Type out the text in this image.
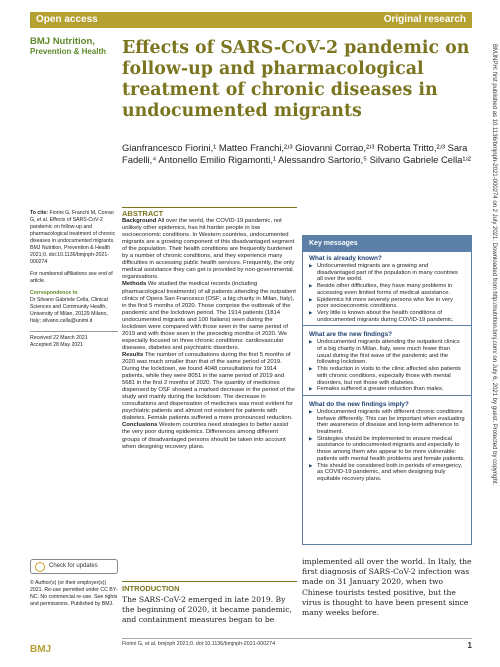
Open access	Original research
BMJ Nutrition,
Prevention & Health Effects of SARS-CoV-2 pandemic on follow-up and pharmacological treatment of chronic diseases in undocumented migrants
Gianfrancesco Fiorini,¹ Matteo Franchi,²ʴ³ Giovanni Corrao,²ʴ³ Roberta Tritto,²ʴ³ Sara Fadelli,⁴ Antonello Emilio Rigamonti,¹ Alessandro Sartorio,⁵ Silvano Gabriele Cella¹ʴ²

To cite: Fiorini G, Franchi M, Corrao G, et al. Effects of SARS-CoV-2 pandemic on follow-up and pharmacological treatment of chronic diseases in undocumented migrants. BMJ Nutrition, Prevention & Health 2021;0. doi:10.1136/bmjnph-2021-000274

For numbered affiliations see end of article.

Correspondence to
Dr Silvano Gabriele Cella, Clinical Sciences and Community Health, University of Milan, 20129 Milano, Italy; silvano.cella@unimi.it

Received 22 March 2021
Accepted 28 May 2021
Check for updates
© Author(s) (or their employer(s)) 2021. Re-use permitted under CC BY-NC. No commercial re-use. See rights and permissions. Published by BMJ.
BMJ
ABSTRACT

Background All over the world, the COVID-19 pandemic, not unlikely other epidemics, has hit harder people in low socioeconomic conditions. In Western countries, undocumented migrants are a growing component of this disadvantaged segment of the population. Their health conditions are frequently burdened by a number of chronic conditions, and they experience many difficulties in accessing public health services. Frequently, the only medical assistance they can get is provided by non-governmental organisations.

Methods We studied the medical records (including pharmacological treatments) of all patients attending the outpatient clinics of Opera San Francesco (OSF; a big charity in Milan, Italy), in the first 5 months of 2020. Those comprise the outbreak of the pandemic and the lockdown period. The 1914 patients (1814 undocumented migrants and 100 Italians) seen during the lockdown were compared with those seen in the same period of 2019 and with those seen in the preceding months of 2020. We especially focused on three chronic conditions: cardiovascular diseases, diabetes and psychiatric disorders.

Results The number of consultations during the first 5 months of 2020 was much smaller than that of the same period of 2019. During the lockdown, we found 4048 consultations for 1914 patients, while they were 8051 in the same period of 2019 and 5681 in the first 2 months of 2020. The quantity of medicines dispensed by OSF showed a marked decrease in the period of the study and mainly during the lockdown. The decrease in consultations and dispensation of medicines was most evident for psychiatric patients and almost not existent for patients with diabetes. Female patients suffered a more pronounced reduction.

Conclusions Western countries need strategies to better assist the very poor during epidemics. Differences among different groups of disadvantaged persons should be taken into account when designing recovery plans.

Key messages
What is already known?
▶ Undocumented migrants are a growing and disadvantaged part of the population in many countries all over the world.
▶ Beside other difficulties, they have many problems in accessing even limited forms of medical assistance.
▶ Epidemics hit more severely persons who live in very poor socioeconomic conditions.
▶ Very little is known about the health conditions of undocumented migrants during COVID-19 pandemic.
What are the new findings?
▶ Undocumented migrants attending the outpatient clinics of a big charity in Milan, Italy, were much fewer than usual during the first wave of the pandemic and the following lockdown.
▶ This reduction in visits to the clinic affected also patients with chronic conditions, especially those with mental disorders, but not those with diabetes.
▶ Females suffered a greater reduction than males.
What do the new findings imply?
▶ Undocumented migrants with different chronic conditions behave differently. This can be important when evaluating their awareness of disease and long-term adherence to treatment.
▶ Strategies should be implemented to ensure medical assistance to undocumented migrants and especially to those among them who appear to be more vulnerable: patients with mental health problems and female patients.
▶ This should be considered both in periods of emergency, as COVID-19 pandemic, and when designing truly equitable recovery plans.
INTRODUCTION

The SARS-CoV-2 emerged in late 2019. By the beginning of 2020, it became pandemic, and containment measures began to be

implemented all over the world. In Italy, the first diagnosis of SARS-CoV-2 infection was made on 31 January 2020, when two Chinese tourists tested positive, but the virus is thought to have been present since many weeks before.
Fiorini G, et al. bmjnph 2021;0. doi:10.1136/bmjnph-2021-000274	1
BMJNPH: first published as 10.1136/bmjnph-2021-000274 on 2 July 2021. Downloaded from http://nutrition.bmj.com/ on July 6, 2021 by guest. Protected by copyright.
